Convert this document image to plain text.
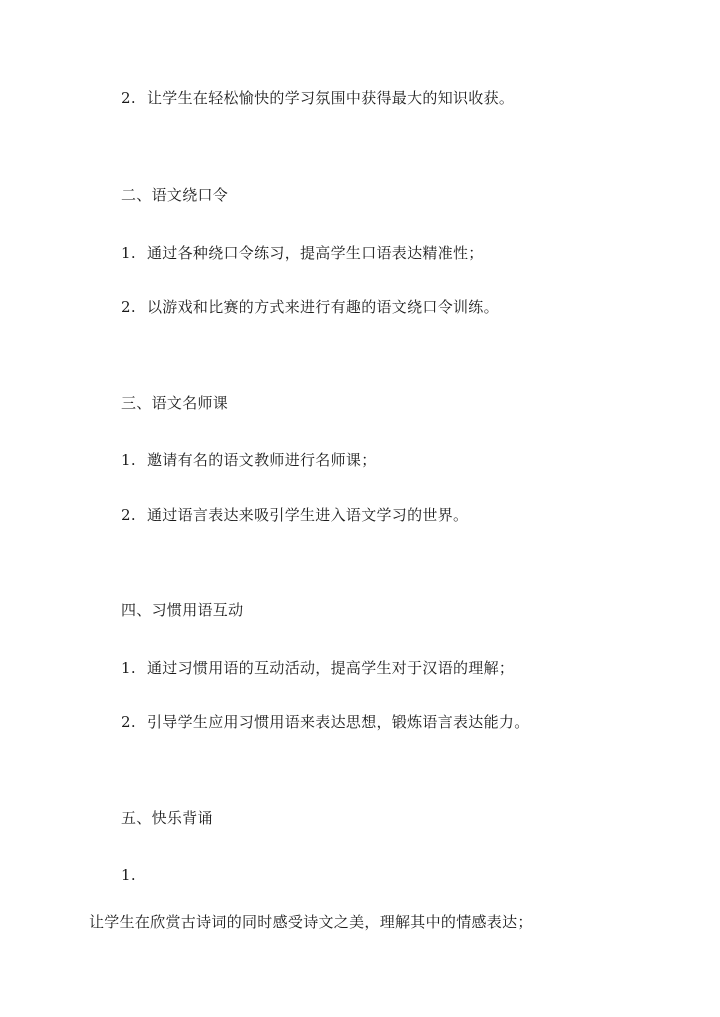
2. 让学生在轻松愉快的学习氛围中获得最大的知识收获。
二、语文绕口令
1. 通过各种绕口令练习，提高学生口语表达精准性；
2. 以游戏和比赛的方式来进行有趣的语文绕口令训练。
三、语文名师课
1. 邀请有名的语文教师进行名师课；
2. 通过语言表达来吸引学生进入语文学习的世界。
四、习惯用语互动
1. 通过习惯用语的互动活动，提高学生对于汉语的理解；
2. 引导学生应用习惯用语来表达思想，锻炼语言表达能力。
五、快乐背诵
1.
让学生在欣赏古诗词的同时感受诗文之美，理解其中的情感表达；
